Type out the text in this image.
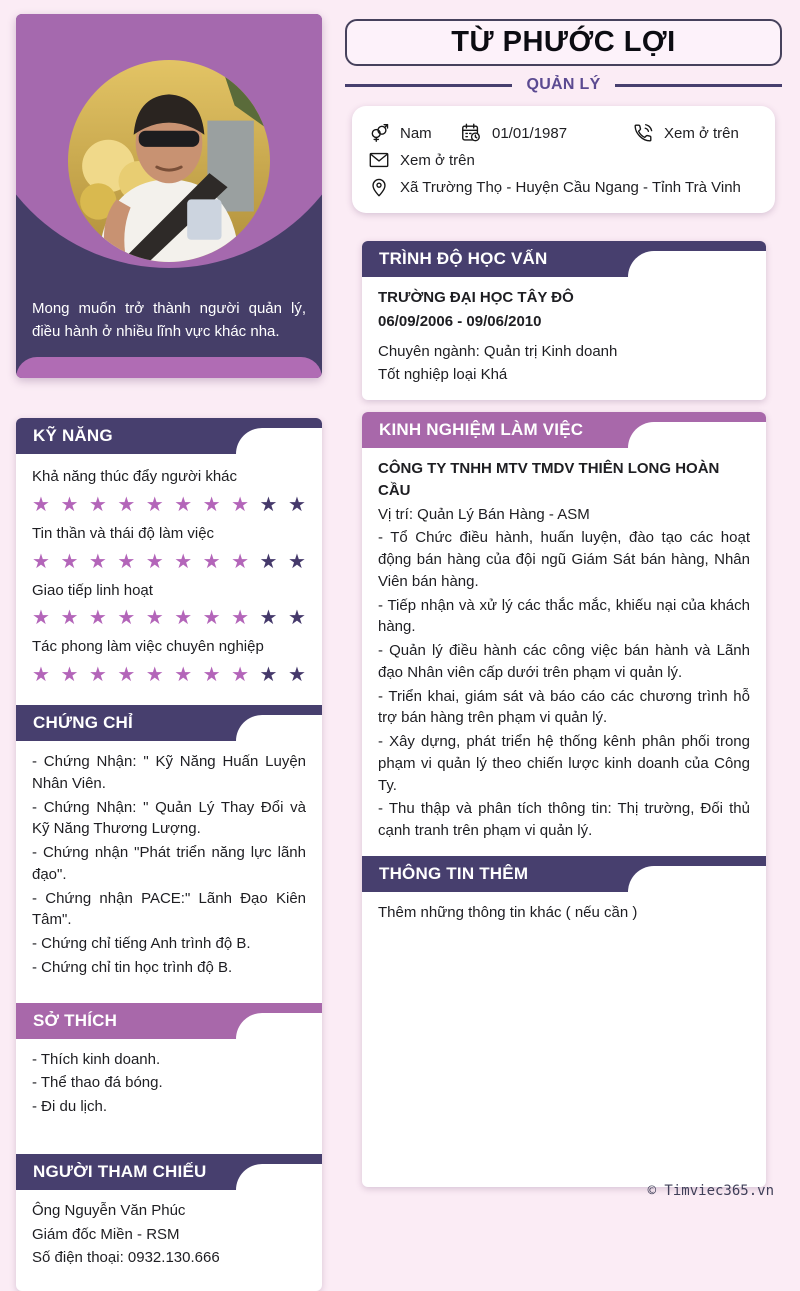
Mong muốn trở thành người quản lý, điều hành ở nhiều lĩnh vực khác nha.
KỸ NĂNG
Khả năng thúc đẩy người khác
★ ★ ★ ★ ★ ★ ★ ★ ★ ★
Tin thần và thái độ làm việc
★ ★ ★ ★ ★ ★ ★ ★ ★ ★
Giao tiếp linh hoạt
★ ★ ★ ★ ★ ★ ★ ★ ★ ★
Tác phong làm việc chuyên nghiệp
★ ★ ★ ★ ★ ★ ★ ★ ★ ★
CHỨNG CHỈ
- Chứng Nhận: " Kỹ Năng Huấn Luyện Nhân Viên.
- Chứng Nhận: " Quản Lý Thay Đổi và Kỹ Năng Thương Lượng.
- Chứng nhận "Phát triển năng lực lãnh đạo".
- Chứng nhận PACE:" Lãnh Đạo Kiên Tâm".
- Chứng chỉ tiếng Anh trình độ B.
- Chứng chỉ tin học trình độ B.
SỞ THÍCH
- Thích kinh doanh.
- Thể thao đá bóng.
- Đi du lịch.
NGƯỜI THAM CHIẾU
Ông Nguyễn Văn Phúc
Giám đốc Miền - RSM
Số điện thoại: 0932.130.666
TỪ PHƯỚC LỢI
QUẢN LÝ
Nam	01/01/1987	Xem ở trên
Xem ở trên
Xã Trường Thọ - Huyện Cầu Ngang - Tỉnh Trà Vinh
TRÌNH ĐỘ HỌC VẤN
TRƯỜNG ĐẠI HỌC TÂY ĐÔ
06/09/2006 - 09/06/2010
Chuyên ngành: Quản trị Kinh doanh
Tốt nghiệp loại Khá
KINH NGHIỆM LÀM VIỆC
CÔNG TY TNHH MTV TMDV THIÊN LONG HOÀN CẦU
Vị trí: Quản Lý Bán Hàng - ASM
- Tổ Chức điều hành, huấn luyện, đào tạo các hoạt động bán hàng của đội ngũ Giám Sát bán hàng, Nhân Viên bán hàng.
- Tiếp nhận và xử lý các thắc mắc, khiếu nại của khách hàng.
- Quản lý điều hành các công việc bán hành và Lãnh đạo Nhân viên cấp dưới trên phạm vi quản lý.
- Triển khai, giám sát và báo cáo các chương trình hỗ trợ bán hàng trên phạm vi quản lý.
- Xây dựng, phát triển hệ thống kênh phân phối trong phạm vi quản lý theo chiến lược kinh doanh của Công Ty.
- Thu thập và phân tích thông tin: Thị trường, Đối thủ cạnh tranh trên phạm vi quản lý.
THÔNG TIN THÊM
Thêm những thông tin khác ( nếu cần )
© Timviec365.vn
